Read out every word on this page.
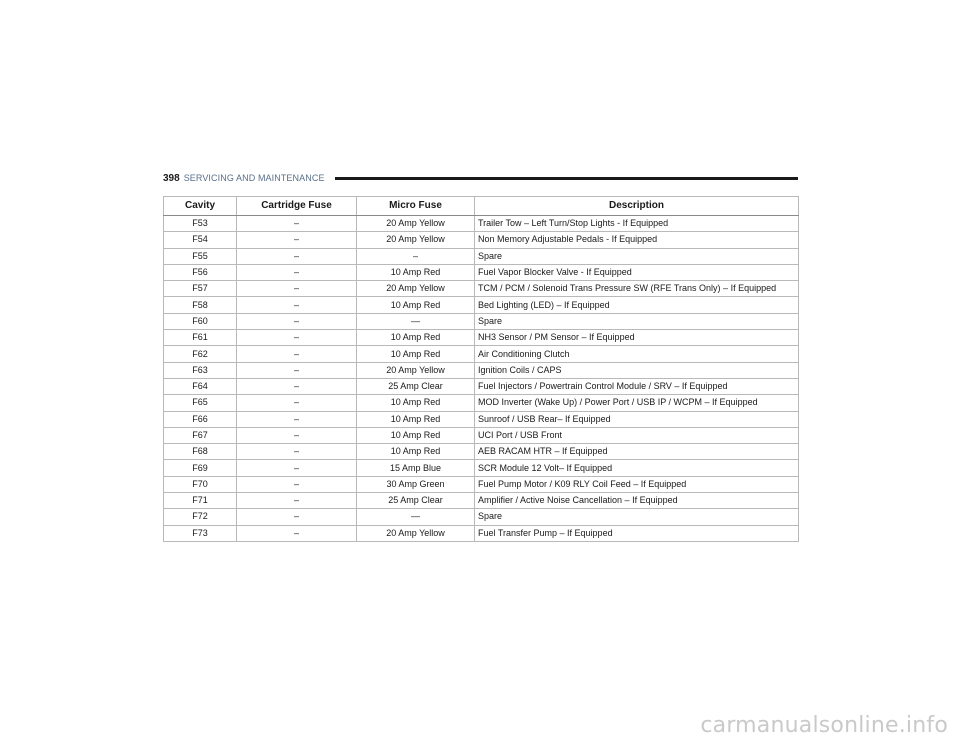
398 SERVICING AND MAINTENANCE
Cavity	Cartridge Fuse	Micro Fuse	Description
F53	–	20 Amp Yellow	Trailer Tow – Left Turn/Stop Lights - If Equipped
F54	–	20 Amp Yellow	Non Memory Adjustable Pedals - If Equipped
F55	–	–	Spare
F56	–	10 Amp Red	Fuel Vapor Blocker Valve - If Equipped
F57	–	20 Amp Yellow	TCM / PCM / Solenoid Trans Pressure SW (RFE Trans Only) – If Equipped
F58	–	10 Amp Red	Bed Lighting (LED) – If Equipped
F60	–	—	Spare
F61	–	10 Amp Red	NH3 Sensor / PM Sensor – If Equipped
F62	–	10 Amp Red	Air Conditioning Clutch
F63	–	20 Amp Yellow	Ignition Coils / CAPS
F64	–	25 Amp Clear	Fuel Injectors / Powertrain Control Module / SRV – If Equipped
F65	–	10 Amp Red	MOD Inverter (Wake Up) / Power Port / USB IP / WCPM – If Equipped
F66	–	10 Amp Red	Sunroof / USB Rear– If Equipped
F67	–	10 Amp Red	UCI Port / USB Front
F68	–	10 Amp Red	AEB RACAM HTR – If Equipped
F69	–	15 Amp Blue	SCR Module 12 Volt– If Equipped
F70	–	30 Amp Green	Fuel Pump Motor / K09 RLY Coil Feed – If Equipped
F71	–	25 Amp Clear	Amplifier / Active Noise Cancellation – If Equipped
F72	–	—	Spare
F73	–	20 Amp Yellow	Fuel Transfer Pump – If Equipped
carmanualsonline.info
